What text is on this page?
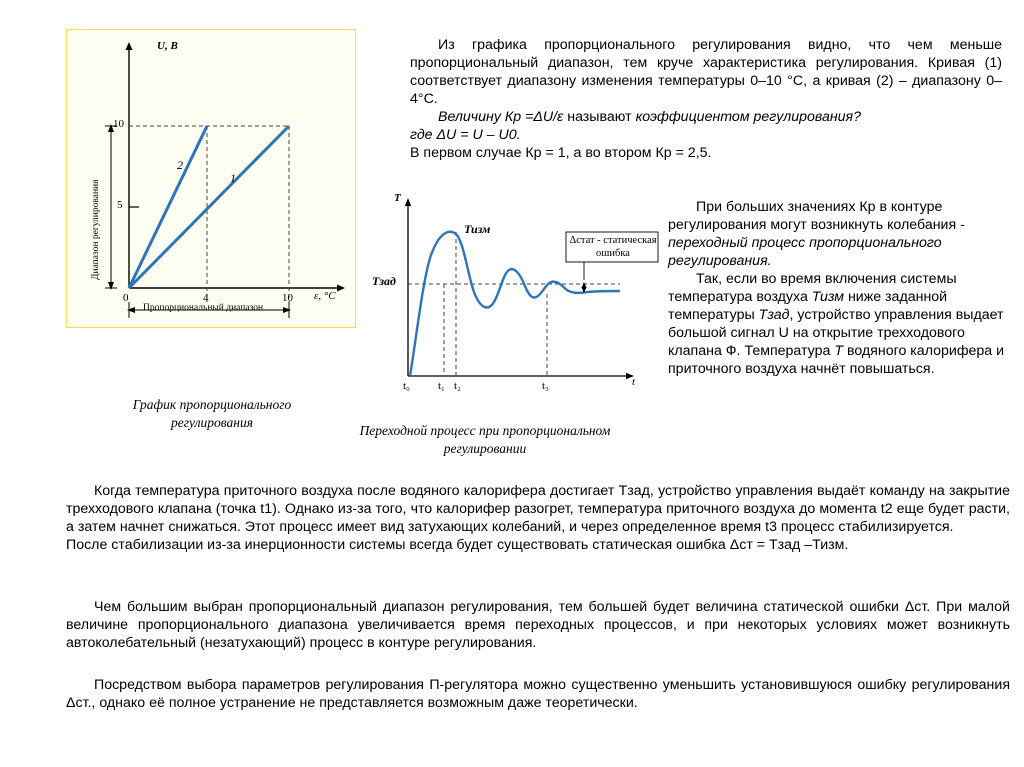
U, В
ε, °С
10
5
0	4	10
2
1
Диапазон регулирования
Пропорциональный диапазон
График пропорционального регулирования
T
t
Тизм
Tзад
Δстат - статическая ошибка
t₀	t₁ t₂	t₃
Переходной процесс при пропорциональном регулировании
Из графика пропорционального регулирования видно, что чем меньше пропорциональный диапазон, тем круче характеристика регулирования. Кривая (1) соответствует диапазону изменения температуры 0–10 °С, а кривая (2) – диапазону 0–4°С.
Величину Кр =ΔU/ε называют коэффициентом регулирования?
где ΔU = U – U0.
В первом случае Кр = 1, а во втором Кр = 2,5.
При больших значениях Кр в контуре регулирования могут возникнуть колебания - переходный процесс пропорционального регулирования.
Так, если во время включения системы температура воздуха Тизм ниже заданной температуры Тзад, устройство управления выдает большой сигнал U на открытие трехходового клапана Ф. Температура Т водяного калорифера и приточного воздуха начнёт повышаться.
Когда температура приточного воздуха после водяного калорифера достигает Тзад, устройство управления выдаёт команду на закрытие трехходового клапана (точка t1). Однако из-за того, что калорифер разогрет, температура приточного воздуха до момента t2 еще будет расти, а затем начнет снижаться. Этот процесс имеет вид затухающих колебаний, и через определенное время t3 процесс стабилизируется.
После стабилизации из-за инерционности системы всегда будет существовать статическая ошибка Δст = Тзад –Тизм.
Чем большим выбран пропорциональный диапазон регулирования, тем большей будет величина статической ошибки Δст. При малой величине пропорционального диапазона увеличивается время переходных процессов, и при некоторых условиях может возникнуть автоколебательный (незатухающий) процесс в контуре регулирования.
Посредством выбора параметров регулирования П-регулятора можно существенно уменьшить установившуюся ошибку регулирования Δст., однако её полное устранение не представляется возможным даже теоретически.
